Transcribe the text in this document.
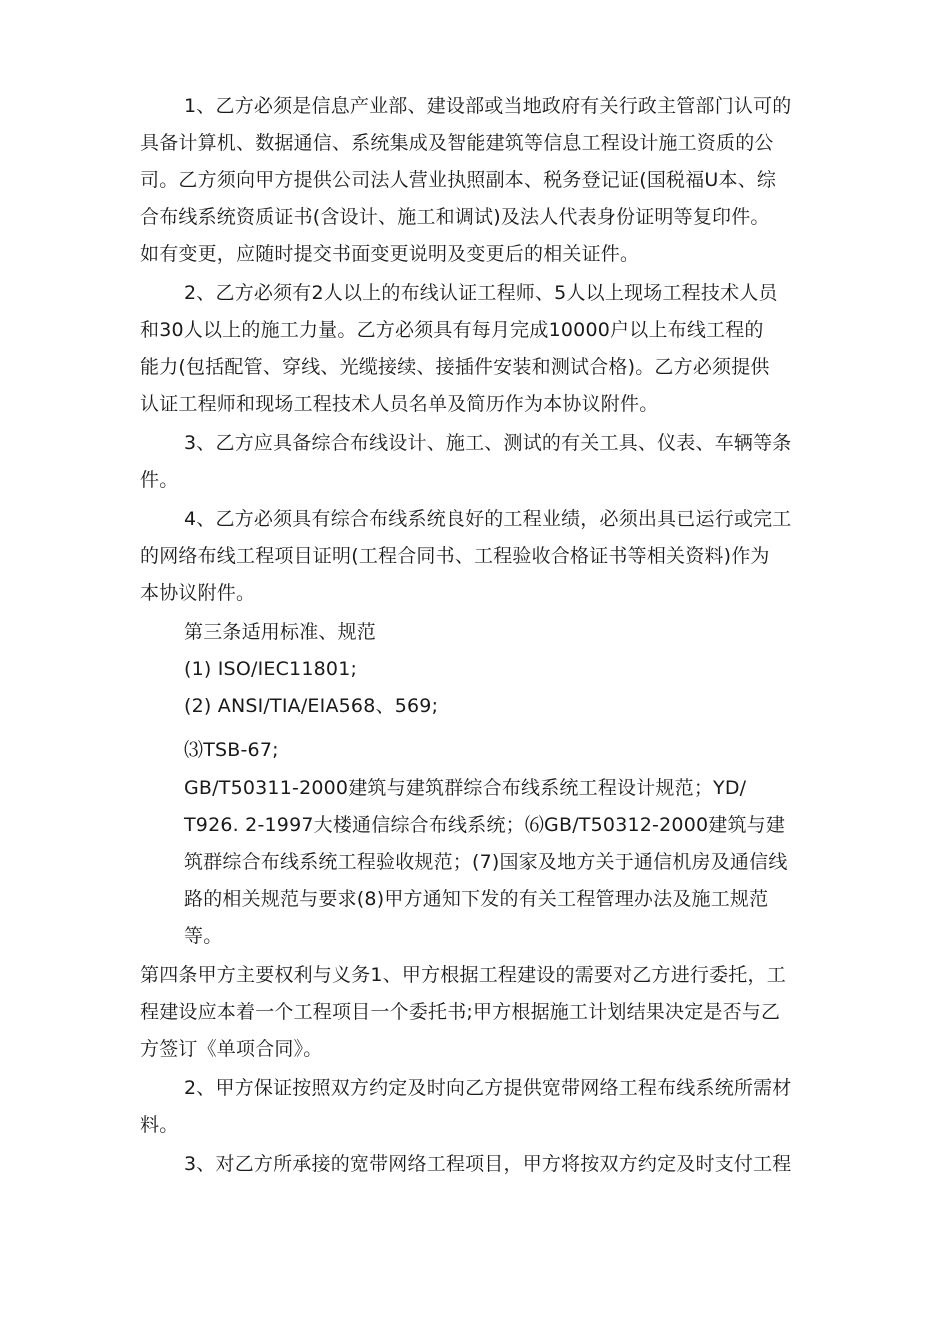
1、乙方必须是信息产业部、建设部或当地政府有关行政主管部门认可的
具备计算机、数据通信、系统集成及智能建筑等信息工程设计施工资质的公
司。乙方须向甲方提供公司法人营业执照副本、税务登记证(国税福U本、综
合布线系统资质证书(含设计、施工和调试)及法人代表身份证明等复印件。
如有变更，应随时提交书面变更说明及变更后的相关证件。
2、乙方必须有2人以上的布线认证工程师、5人以上现场工程技术人员
和30人以上的施工力量。乙方必须具有每月完成10000户以上布线工程的
能力(包括配管、穿线、光缆接续、接插件安装和测试合格)。乙方必须提供
认证工程师和现场工程技术人员名单及简历作为本协议附件。
3、乙方应具备综合布线设计、施工、测试的有关工具、仪表、车辆等条
件。
4、乙方必须具有综合布线系统良好的工程业绩，必须出具已运行或完工
的网络布线工程项目证明(工程合同书、工程验收合格证书等相关资料)作为
本协议附件。
第三条适用标准、规范
(1) ISO/IEC11801;
(2) ANSI/TIA/EIA568、569;
⑶TSB-67;
GB/T50311-2000建筑与建筑群综合布线系统工程设计规范；YD/
T926. 2-1997大楼通信综合布线系统；⑹GB/T50312-2000建筑与建
筑群综合布线系统工程验收规范；(7)国家及地方关于通信机房及通信线
路的相关规范与要求(8)甲方通知下发的有关工程管理办法及施工规范
等。
第四条甲方主要权利与义务1、甲方根据工程建设的需要对乙方进行委托，工
程建设应本着一个工程项目一个委托书;甲方根据施工计划结果决定是否与乙
方签订《单项合同》。
2、甲方保证按照双方约定及时向乙方提供宽带网络工程布线系统所需材
料。
3、对乙方所承接的宽带网络工程项目，甲方将按双方约定及时支付工程
